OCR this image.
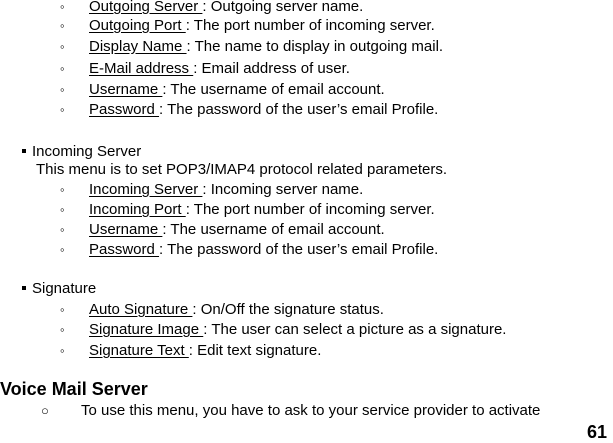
◦ Outgoing Server : Outgoing server name.
◦ Outgoing Port : The port number of incoming server.
◦ Display Name : The name to display in outgoing mail.
◦ E-Mail address : Email address of user.
◦ Username : The username of email account.
◦ Password : The password of the user’s email Profile.
Incoming Server
This menu is to set POP3/IMAP4 protocol related parameters.
◦ Incoming Server : Incoming server name.
◦ Incoming Port : The port number of incoming server.
◦ Username : The username of email account.
◦ Password : The password of the user’s email Profile.
Signature
◦ Auto Signature : On/Off the signature status.
◦ Signature Image : The user can select a picture as a signature.
◦ Signature Text : Edit text signature.
Voice Mail Server
○ To use this menu, you have to ask to your service provider to activate
61
